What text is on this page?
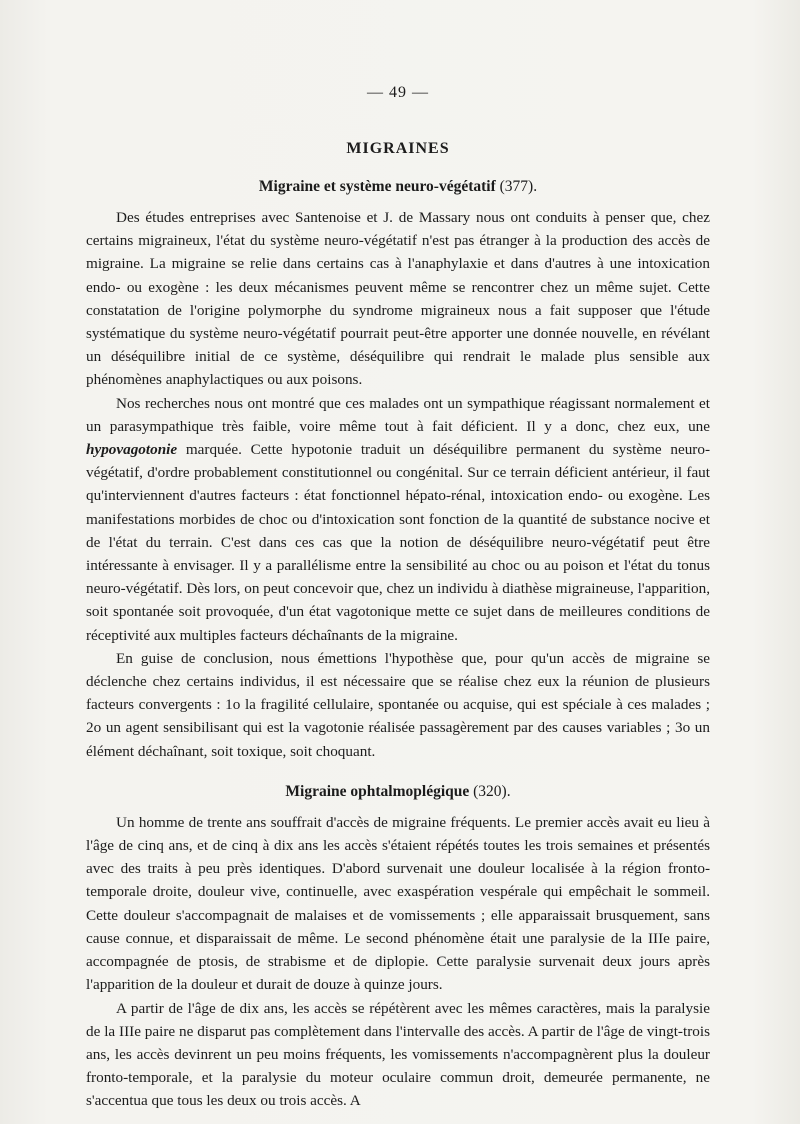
— 49 —
MIGRAINES
Migraine et système neuro-végétatif (377).

Des études entreprises avec Santenoise et J. de Massary nous ont conduits à penser que, chez certains migraineux, l'état du système neuro-végétatif n'est pas étranger à la production des accès de migraine. La migraine se relie dans certains cas à l'anaphylaxie et dans d'autres à une intoxication endo- ou exogène : les deux mécanismes peuvent même se rencontrer chez un même sujet. Cette constatation de l'origine polymorphe du syndrome migraineux nous a fait supposer que l'étude systématique du système neuro-végétatif pourrait peut-être apporter une donnée nouvelle, en révélant un déséquilibre initial de ce système, déséquilibre qui rendrait le malade plus sensible aux phénomènes anaphylactiques ou aux poisons.

Nos recherches nous ont montré que ces malades ont un sympathique réagissant normalement et un parasympathique très faible, voire même tout à fait déficient. Il y a donc, chez eux, une hypovagotonie marquée. Cette hypotonie traduit un déséquilibre permanent du système neuro-végétatif, d'ordre probablement constitutionnel ou congénital. Sur ce terrain déficient antérieur, il faut qu'interviennent d'autres facteurs : état fonctionnel hépato-rénal, intoxication endo- ou exogène. Les manifestations morbides de choc ou d'intoxication sont fonction de la quantité de substance nocive et de l'état du terrain. C'est dans ces cas que la notion de déséquilibre neuro-végétatif peut être intéressante à envisager. Il y a parallélisme entre la sensibilité au choc ou au poison et l'état du tonus neuro-végétatif. Dès lors, on peut concevoir que, chez un individu à diathèse migraineuse, l'apparition, soit spontanée soit provoquée, d'un état vagotonique mette ce sujet dans de meilleures conditions de réceptivité aux multiples facteurs déchaînants de la migraine.

En guise de conclusion, nous émettions l'hypothèse que, pour qu'un accès de migraine se déclenche chez certains individus, il est nécessaire que se réalise chez eux la réunion de plusieurs facteurs convergents : 1o la fragilité cellulaire, spontanée ou acquise, qui est spéciale à ces malades ; 2o un agent sensibilisant qui est la vagotonie réalisée passagèrement par des causes variables ; 3o un élément déchaînant, soit toxique, soit choquant.

Migraine ophtalmoplégique (320).

Un homme de trente ans souffrait d'accès de migraine fréquents. Le premier accès avait eu lieu à l'âge de cinq ans, et de cinq à dix ans les accès s'étaient répétés toutes les trois semaines et présentés avec des traits à peu près identiques. D'abord survenait une douleur localisée à la région fronto-temporale droite, douleur vive, continuelle, avec exaspération vespérale qui empêchait le sommeil. Cette douleur s'accompagnait de malaises et de vomissements ; elle apparaissait brusquement, sans cause connue, et disparaissait de même. Le second phénomène était une paralysie de la IIIe paire, accompagnée de ptosis, de strabisme et de diplopie. Cette paralysie survenait deux jours après l'apparition de la douleur et durait de douze à quinze jours.

A partir de l'âge de dix ans, les accès se répétèrent avec les mêmes caractères, mais la paralysie de la IIIe paire ne disparut pas complètement dans l'intervalle des accès. A partir de l'âge de vingt-trois ans, les accès devinrent un peu moins fréquents, les vomissements n'accompagnèrent plus la douleur fronto-temporale, et la paralysie du moteur oculaire commun droit, demeurée permanente, ne s'accentua que tous les deux ou trois accès. A
